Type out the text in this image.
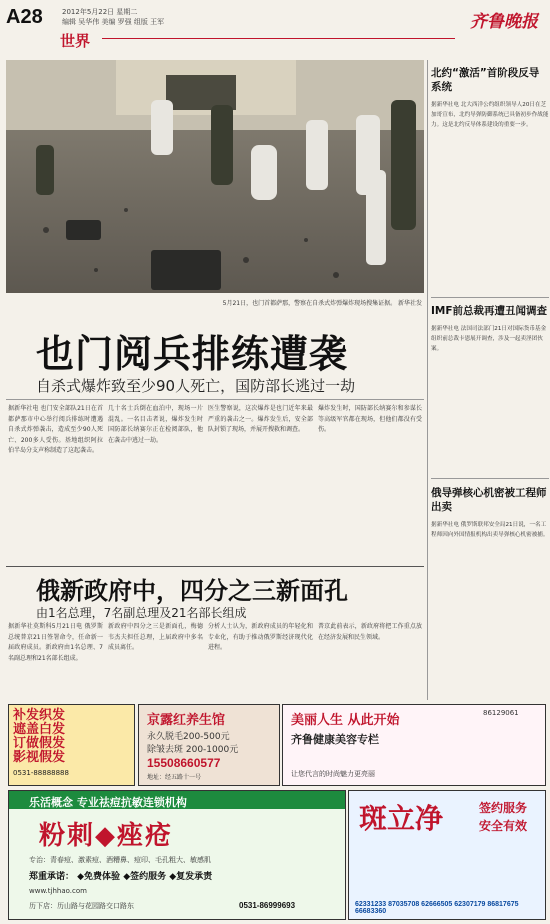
A28	2012年5月22日 星期二
编辑 吴华伟 美编 罗强 组版 王军
世界
齐鲁晚报
5月21日，也门首都萨那，警察在自杀式炸弹爆炸现场搜集证据。 新华社发
也门阅兵排练遭袭
自杀式爆炸致至少90人死亡，国防部长逃过一劫
据新华社电 也门安全部队21日在首都萨那市中心举行阅兵排练时遭遇自杀式炸弹袭击，造成至少90人死亡、200多人受伤。基地组织阿拉伯半岛分支声称制造了这起袭击。
几十名士兵倒在血泊中，现场一片混乱。一名目击者说，爆炸发生时国防部长纳赛尔正在检阅部队，他在袭击中逃过一劫。
医生警察说，这次爆炸是也门近年来最严重的袭击之一。爆炸发生后，安全部队封锁了现场，并展开搜救和调查。
爆炸发生时，国防部长纳赛尔和参谋长等高级军官都在现场，但他们都没有受伤。
俄新政府中，四分之三新面孔
由1名总理，7名副总理及21名部长组成
据新华社莫斯科5月21日电 俄罗斯总统普京21日签署命令，任命新一届政府成员。新政府由1名总理、7名副总理和21名部长组成。
新政府中四分之三是新面孔，梅德韦杰夫担任总理，上届政府中多名成员离任。
分析人士认为，新政府成员的年轻化和专业化，有助于推动俄罗斯经济现代化进程。
普京此前表示，新政府将把工作重点放在经济发展和民生领域。
北约“激活”首阶段反导系统
据新华社电 北大西洋公约组织领导人20日在芝加哥宣布，北约导弹防御系统已具备初步作战能力。这是北约反导体系建设的重要一步。
IMF前总裁再遭丑闻调查
据新华社电 法国司法部门21日对国际货币基金组织前总裁卡恩展开调查，涉及一起卖淫团伙案。
俄导弹核心机密被工程师出卖
据新华社电 俄罗斯联邦安全局21日说，一名工程师因向外国情报机构出卖导弹核心机密被捕。
补发织发
遮盖白发
订做假发
影视假发
0531-88888888
京露红养生馆
永久脱毛200-500元
除皱去斑 200-1000元
15508660577
地址：经五路十一号
美丽人生 从此开始
齐鲁健康美容专栏
让您代言的时尚魅力更亮丽
86129061
乐活概念 专业祛痘抗敏连锁机构
粉刺◆痤疮
专治：青春痘、激素痘、酒糟鼻、痘印、毛孔粗大、敏感肌
郑重承诺： ◆免费体验 ◆签约服务 ◆复发承责
www.tjhhao.com
历下店：历山路与花园路交口路东	0531-86999693
斑立净	签约服务
安全有效
62331233 87035708 62666505 62307179 86817675 66683360
